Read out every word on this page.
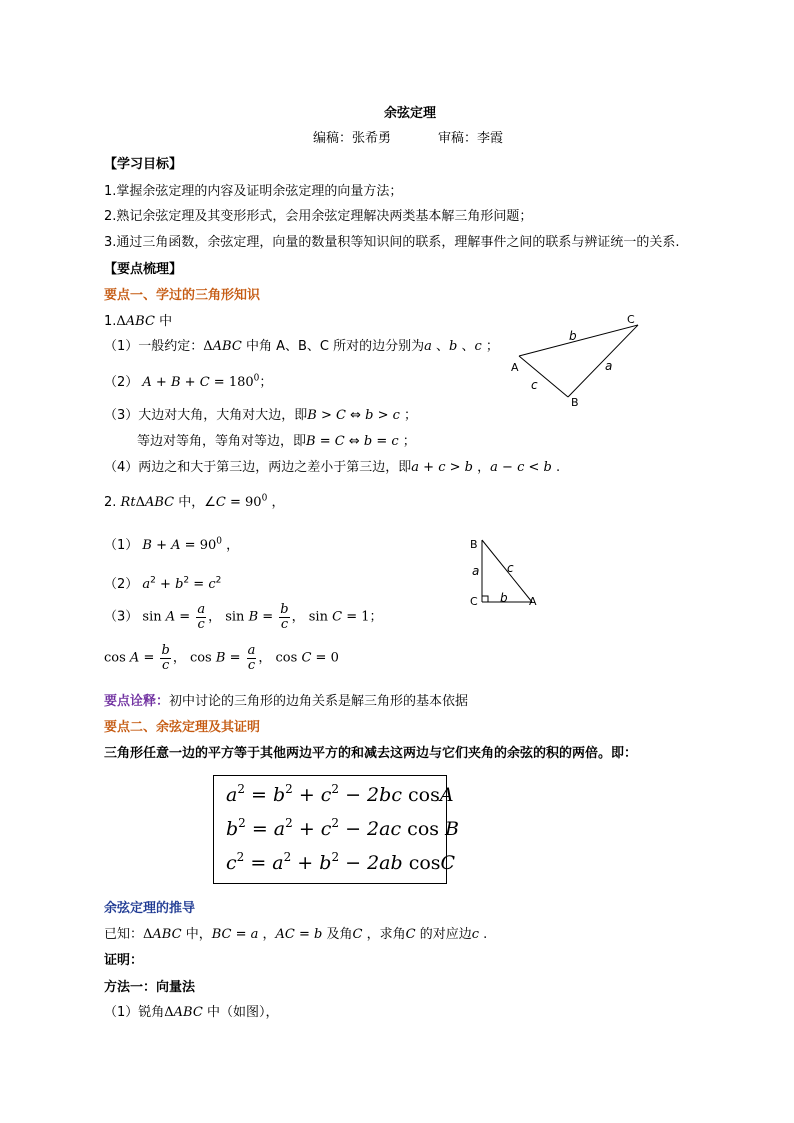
余弦定理
编稿：张希勇	审稿：李霞
【学习目标】
1.掌握余弦定理的内容及证明余弦定理的向量方法；
2.熟记余弦定理及其变形形式，会用余弦定理解决两类基本解三角形问题；
3.通过三角函数，余弦定理，向量的数量积等知识间的联系，理解事件之间的联系与辨证统一的关系.
【要点梳理】
要点一、学过的三角形知识
1.ΔABC 中
（1）一般约定：ΔABC 中角 A、B、C 所对的边分别为a 、b 、c ；
（2） $A + B + C = 180^0$；
（3）大边对大角，大角对大边，即B > C ⇔ b > c ；
等边对等角，等角对等边，即B = C ⇔ b = c ；
（4）两边之和大于第三边，两边之差小于第三边，即a + c > b ，a − c < b .
C
A
B
b
a
c
2. RtΔABC 中，∠C = $90^0$ ，
（1） $B + A = 90^0$ ，
（2） $a^2 + b^2 = c^2$
（3） $\sin A = \frac{a}{c}$ ， $\sin B = \frac{b}{c}$ ， sin C = 1；
$\cos A = \frac{b}{c}$ ， $\cos B = \frac{a}{c}$ ， cos C = 0
B
C	A
a c
b
要点诠释：初中讨论的三角形的边角关系是解三角形的基本依据
要点二、余弦定理及其证明
三角形任意一边的平方等于其他两边平方的和减去这两边与它们夹角的余弦的积的两倍。即：
$a^2 = b^2 + c^2 - 2bc$ cosA
$b^2 = a^2 + c^2 - 2ac$ cos B
$c^2 = a^2 + b^2 - 2ab$ cosC
余弦定理的推导
已知：ΔABC 中，BC = a ，AC = b 及角C ，求角C 的对应边c .
证明：
方法一：向量法
（1）锐角ΔABC 中（如图），
